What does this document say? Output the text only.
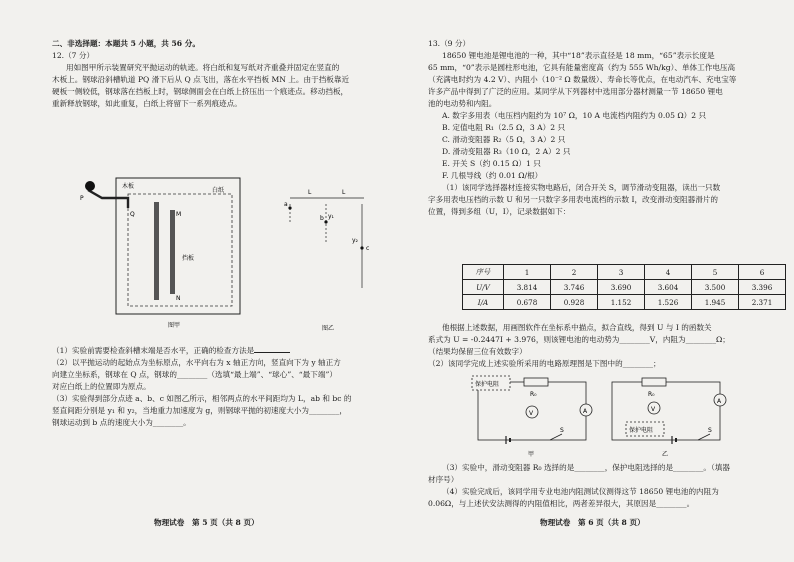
二、非选择题：本题共 5 小题，共 56 分。
12.（7 分）
用如图甲所示装置研究平抛运动的轨迹。将白纸和复写纸对齐重叠并固定在竖直的
木板上。钢球沿斜槽轨道 PQ 滑下后从 Q 点飞出，落在水平挡板 MN 上。由于挡板靠近
硬板一侧较低，钢球落在挡板上时，钢球侧面会在白纸上挤压出一个痕迹点。移动挡板，
重新释放钢球，如此重复，白纸上将留下一系列痕迹点。
木板
白纸
P
Q	M
N
挡板
图甲
L	L
a
b
c
y₁
y₂
图乙
（1）实验前需要检查斜槽末端是否水平，正确的检查方法是
（2）以平抛运动的起始点为坐标原点，水平向右为 x 轴正方向，竖直向下为 y 轴正方
向建立坐标系，钢球在 Q 点，钢球的________（选填“最上端”、“球心”、“最下端”）
对应白纸上的位置即为原点。
（3）实验得到部分点迹 a、b、c 如图乙所示，相邻两点的水平间距均为 L，ab 和 bc 的
竖直间距分别是 y₁ 和 y₂，当地重力加速度为 g，则钢球平抛的初速度大小为________，
钢球运动到 b 点的速度大小为________。
物理试卷　第 5 页（共 8 页）
13.（9 分）
18650 锂电池是锂电池的一种，其中“18”表示直径是 18 mm，“65”表示长度是
65 mm，“0”表示是圆柱形电池，它具有能量密度高（约为 555 Wh/kg）、单体工作电压高
（充满电时约为 4.2 V）、内阻小（10⁻² Ω 数量级）、寿命长等优点，在电动汽车、充电宝等
许多产品中得到了广泛的应用。某同学从下列器材中选用部分器材测量一节 18650 锂电
池的电动势和内阻。
A. 数字多用表（电压档内阻约为 10⁷ Ω，10 A 电流档内阻约为 0.05 Ω）2 只
B. 定值电阻 R₁（2.5 Ω，3 A）2 只
C. 滑动变阻器 R₂（5 Ω，3 A）2 只
D. 滑动变阻器 R₃（10 Ω，2 A）2 只
E. 开关 S（约 0.15 Ω）1 只
F. 几根导线（约 0.01 Ω/根）
（1）该同学选择器材连接实物电路后，闭合开关 S，调节滑动变阻器，读出一只数
字多用表电压档的示数 U 和另一只数字多用表电流档的示数 I，改变滑动变阻器滑片的
位置，得到多组（U，I），记录数据如下：
序号	1	2	3	4	5	6
U/V	3.814	3.746	3.690	3.604	3.500	3.396
I/A	0.678	0.928	1.152	1.526	1.945	2.371
他根据上述数据，用画图软件在坐标系中描点，拟合直线，得到 U 与 I 的函数关
系式为 U = -0.2447I + 3.976，则该锂电池的电动势为________V，内阻为________Ω；
（结果均保留三位有效数字）
（2）该同学完成上述实验所采用的电路原理图是下图中的________；
保护电阻
R₀
V	A
S
甲
R₀
V
A
保护电阻	S
乙
（3）实验中，滑动变阻器 R₀ 选择的是________，保护电阻选择的是________。（填器
材序号）
（4）实验完成后，该同学用专业电池内阻测试仪测得这节 18650 锂电池的内阻为
0.06Ω，与上述伏安法测得的内阻值相比，两者差异很大，其原因是________。
物理试卷　第 6 页（共 8 页）
